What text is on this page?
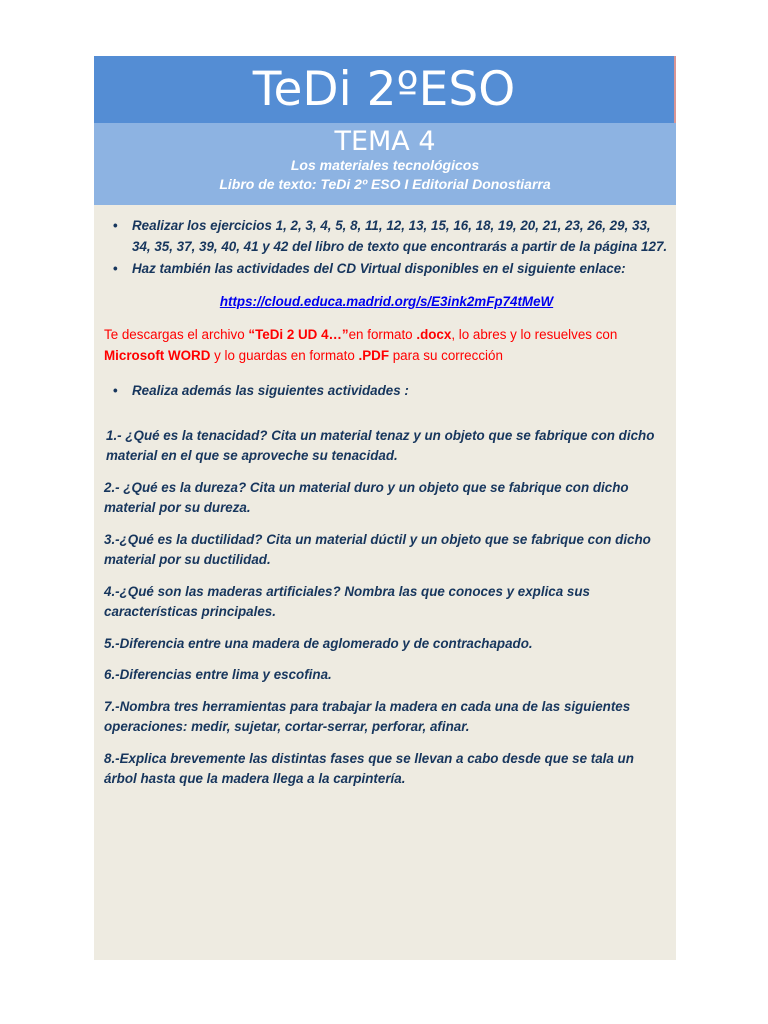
TeDi 2ºESO
TEMA 4
Los materiales tecnológicos
Libro de texto: TeDi 2º ESO I Editorial Donostiarra
• Realizar los ejercicios 1, 2, 3, 4, 5, 8, 11, 12, 13, 15, 16, 18, 19, 20, 21, 23, 26, 29, 33, 34, 35, 37, 39, 40, 41 y 42 del libro de texto que encontrarás a partir de la página 127.
• Haz también las actividades del CD Virtual disponibles en el siguiente enlace:
https://cloud.educa.madrid.org/s/E3ink2mFp74tMeW
Te descargas el archivo “TeDi 2 UD 4…”en formato .docx, lo abres y lo resuelves con Microsoft WORD y lo guardas en formato .PDF para su corrección
• Realiza además las siguientes actividades :
1.- ¿Qué es la tenacidad? Cita un material tenaz y un objeto que se fabrique con dicho material en el que se aproveche su tenacidad.
2.- ¿Qué es la dureza? Cita un material duro y un objeto que se fabrique con dicho material por su dureza.
3.-¿Qué es la ductilidad? Cita un material dúctil y un objeto que se fabrique con dicho material por su ductilidad.
4.-¿Qué son las maderas artificiales? Nombra las que conoces y explica sus características principales.
5.-Diferencia entre una madera de aglomerado y de contrachapado.
6.-Diferencias entre lima y escofina.
7.-Nombra tres herramientas para trabajar la madera en cada una de las siguientes operaciones: medir, sujetar, cortar-serrar, perforar, afinar.
8.-Explica brevemente las distintas fases que se llevan a cabo desde que se tala un árbol hasta que la madera llega a la carpintería.
